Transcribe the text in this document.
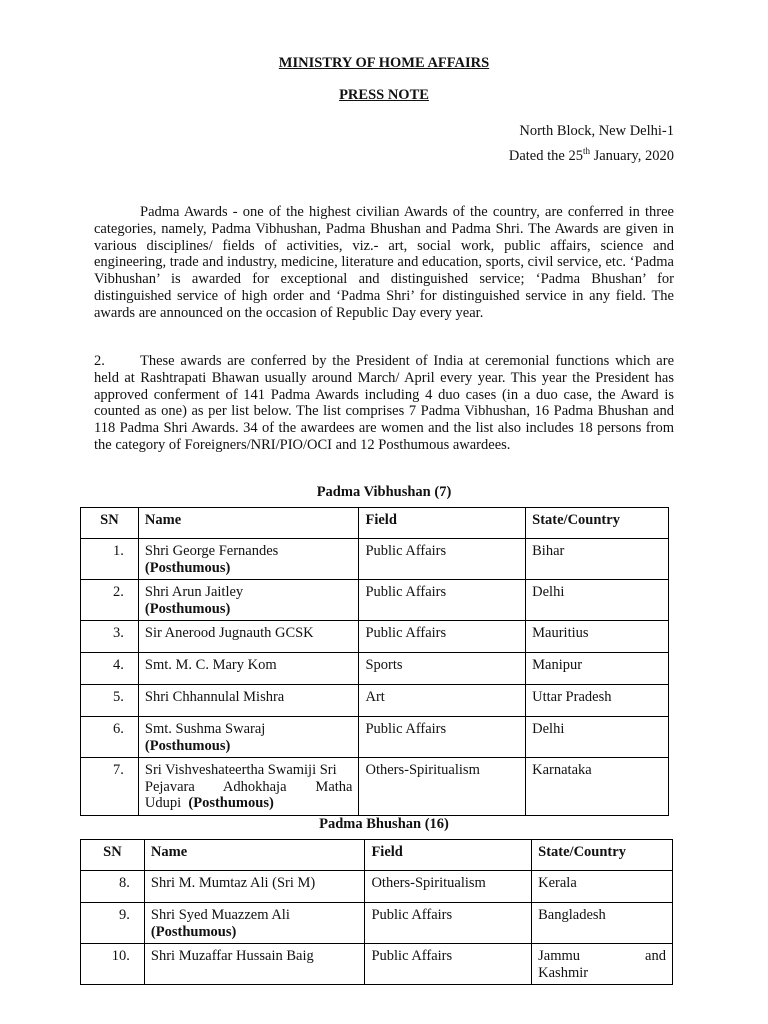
MINISTRY OF HOME AFFAIRS
PRESS NOTE
North Block, New Delhi-1
Dated the 25th January, 2020

Padma Awards - one of the highest civilian Awards of the country, are conferred in three categories, namely, Padma Vibhushan, Padma Bhushan and Padma Shri. The Awards are given in various disciplines/ fields of activities, viz.- art, social work, public affairs, science and engineering, trade and industry, medicine, literature and education, sports, civil service, etc. ‘Padma Vibhushan’ is awarded for exceptional and distinguished service; ‘Padma Bhushan’ for distinguished service of high order and ‘Padma Shri’ for distinguished service in any field. The awards are announced on the occasion of Republic Day every year.

2. These awards are conferred by the President of India at ceremonial functions which are held at Rashtrapati Bhawan usually around March/ April every year. This year the President has approved conferment of 141 Padma Awards including 4 duo cases (in a duo case, the Award is counted as one) as per list below. The list comprises 7 Padma Vibhushan, 16 Padma Bhushan and 118 Padma Shri Awards. 34 of the awardees are women and the list also includes 18 persons from the category of Foreigners/NRI/PIO/OCI and 12 Posthumous awardees.

Padma Vibhushan (7)
SN	Name	Field	State/Country
1.	Shri George Fernandes
(Posthumous)	Public Affairs	Bihar
2.	Shri Arun Jaitley
(Posthumous)	Public Affairs	Delhi
3.	Sir Anerood Jugnauth GCSK	Public Affairs	Mauritius
4.	Smt. M. C. Mary Kom	Sports	Manipur
5.	Shri Chhannulal Mishra	Art	Uttar Pradesh
6.	Smt. Sushma Swaraj
(Posthumous)	Public Affairs	Delhi
7.	Sri Vishveshateertha Swamiji Sri
Pejavara Adhokhaja Matha
Udupi (Posthumous)	Others-Spiritualism	Karnataka
Padma Bhushan (16)
SN	Name	Field	State/Country
8.	Shri M. Mumtaz Ali (Sri M)	Others-Spiritualism	Kerala
9.	Shri Syed Muazzem Ali
(Posthumous)	Public Affairs	Bangladesh
10.	Shri Muzaffar Hussain Baig	Public Affairs	Jammu and
Kashmir
